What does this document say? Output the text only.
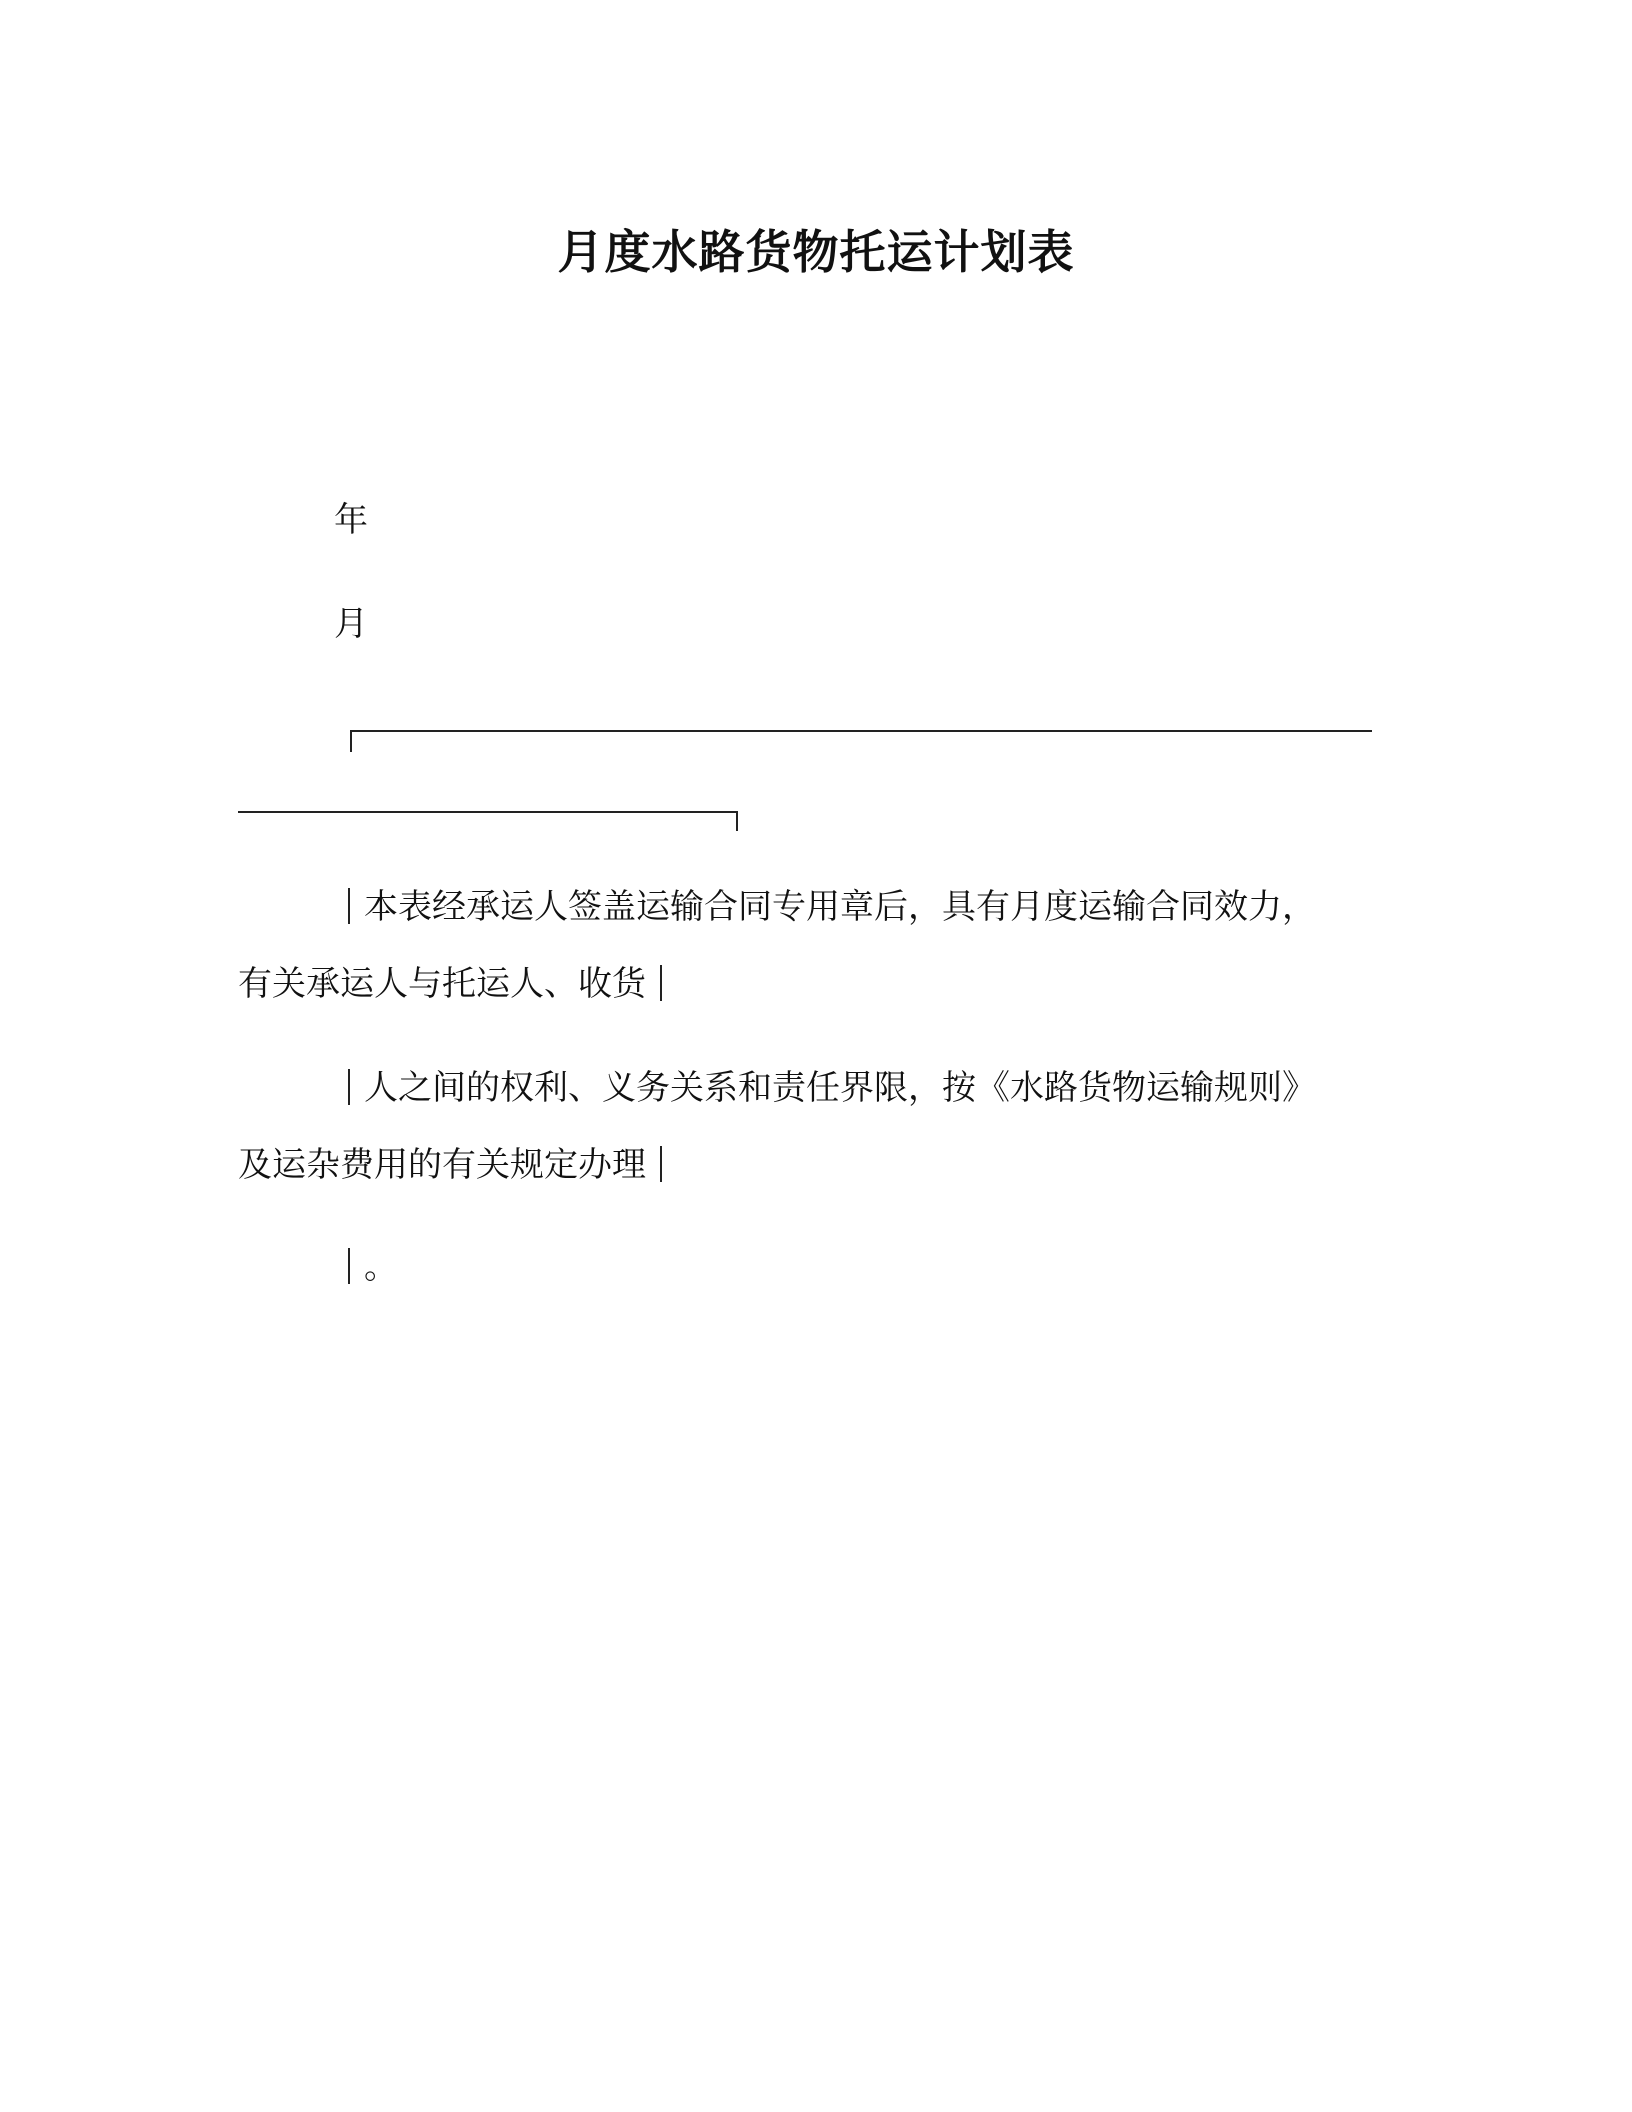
月度水路货物托运计划表
年
月
本表经承运人签盖运输合同专用章后，具有月度运输合同效力，
有关承运人与托运人、收货
人之间的权利、义务关系和责任界限，按《水路货物运输规则》
及运杂费用的有关规定办理
。
